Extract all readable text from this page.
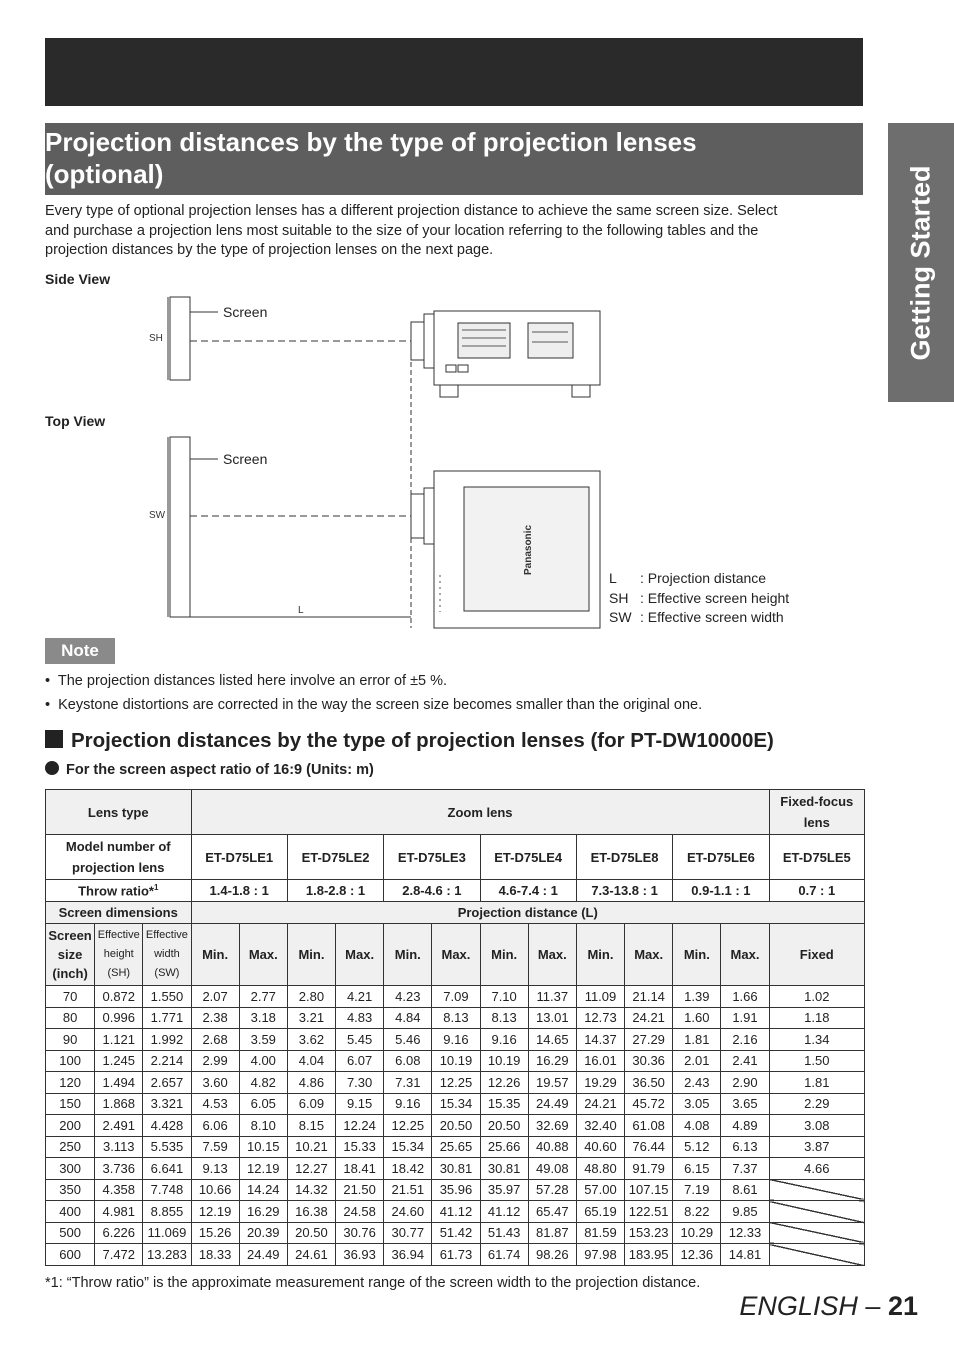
Projection distances by the type of projection lenses
(optional)	Getting Started
Every type of optional projection lenses has a different projection distance to achieve the same screen size. Select
and purchase a projection lens most suitable to the size of your location referring to the following tables and the
projection distances by the type of projection lenses on the next page.
Side View
Top View
SH
Screen
SW
Screen
L
Panasonic
L : Projection distance
SH : Effective screen height
SW : Effective screen width
Note
•  The projection distances listed here involve an error of ±5 %.
•  Keystone distortions are corrected in the way the screen size becomes smaller than the original one.
Projection distances by the type of projection lenses (for PT-DW10000E)
For the screen aspect ratio of 16:9 (Units: m)
Lens type			Zoom lens												Fixed-focus lens
Model number of projection lens			ET-D75LE1		ET-D75LE2		ET-D75LE3		ET-D75LE4		ET-D75LE8		ET-D75LE6		ET-D75LE5
Throw ratio*$^1$			1.4-1.8 : 1		1.8-2.8 : 1		2.8-4.6 : 1		4.6-7.4 : 1		7.3-13.8 : 1		0.9-1.1 : 1		0.7 : 1
Screen dimensions			Projection distance (L)												
Screen size (inch)	Effective height (SH)	Effective width (SW)	Min.	Max.	Min.	Max.	Min.	Max.	Min.	Max.	Min.	Max.	Min.	Max.	Fixed
70	0.872	1.550	2.07	2.77	2.80	4.21	4.23	7.09	7.10	11.37	11.09	21.14	1.39	1.66	1.02
80	0.996	1.771	2.38	3.18	3.21	4.83	4.84	8.13	8.13	13.01	12.73	24.21	1.60	1.91	1.18
90	1.121	1.992	2.68	3.59	3.62	5.45	5.46	9.16	9.16	14.65	14.37	27.29	1.81	2.16	1.34
100	1.245	2.214	2.99	4.00	4.04	6.07	6.08	10.19	10.19	16.29	16.01	30.36	2.01	2.41	1.50
120	1.494	2.657	3.60	4.82	4.86	7.30	7.31	12.25	12.26	19.57	19.29	36.50	2.43	2.90	1.81
150	1.868	3.321	4.53	6.05	6.09	9.15	9.16	15.34	15.35	24.49	24.21	45.72	3.05	3.65	2.29
200	2.491	4.428	6.06	8.10	8.15	12.24	12.25	20.50	20.50	32.69	32.40	61.08	4.08	4.89	3.08
250	3.113	5.535	7.59	10.15	10.21	15.33	15.34	25.65	25.66	40.88	40.60	76.44	5.12	6.13	3.87
300	3.736	6.641	9.13	12.19	12.27	18.41	18.42	30.81	30.81	49.08	48.80	91.79	6.15	7.37	4.66
350	4.358	7.748	10.66	14.24	14.32	21.50	21.51	35.96	35.97	57.28	57.00	107.15	7.19	8.61	
400	4.981	8.855	12.19	16.29	16.38	24.58	24.60	41.12	41.12	65.47	65.19	122.51	8.22	9.85	
500	6.226	11.069	15.26	20.39	20.50	30.76	30.77	51.42	51.43	81.87	81.59	153.23	10.29	12.33	
600	7.472	13.283	18.33	24.49	24.61	36.93	36.94	61.73	61.74	98.26	97.98	183.95	12.36	14.81	
*1: “Throw ratio” is the approximate measurement range of the screen width to the projection distance.
ENGLISH – 21
